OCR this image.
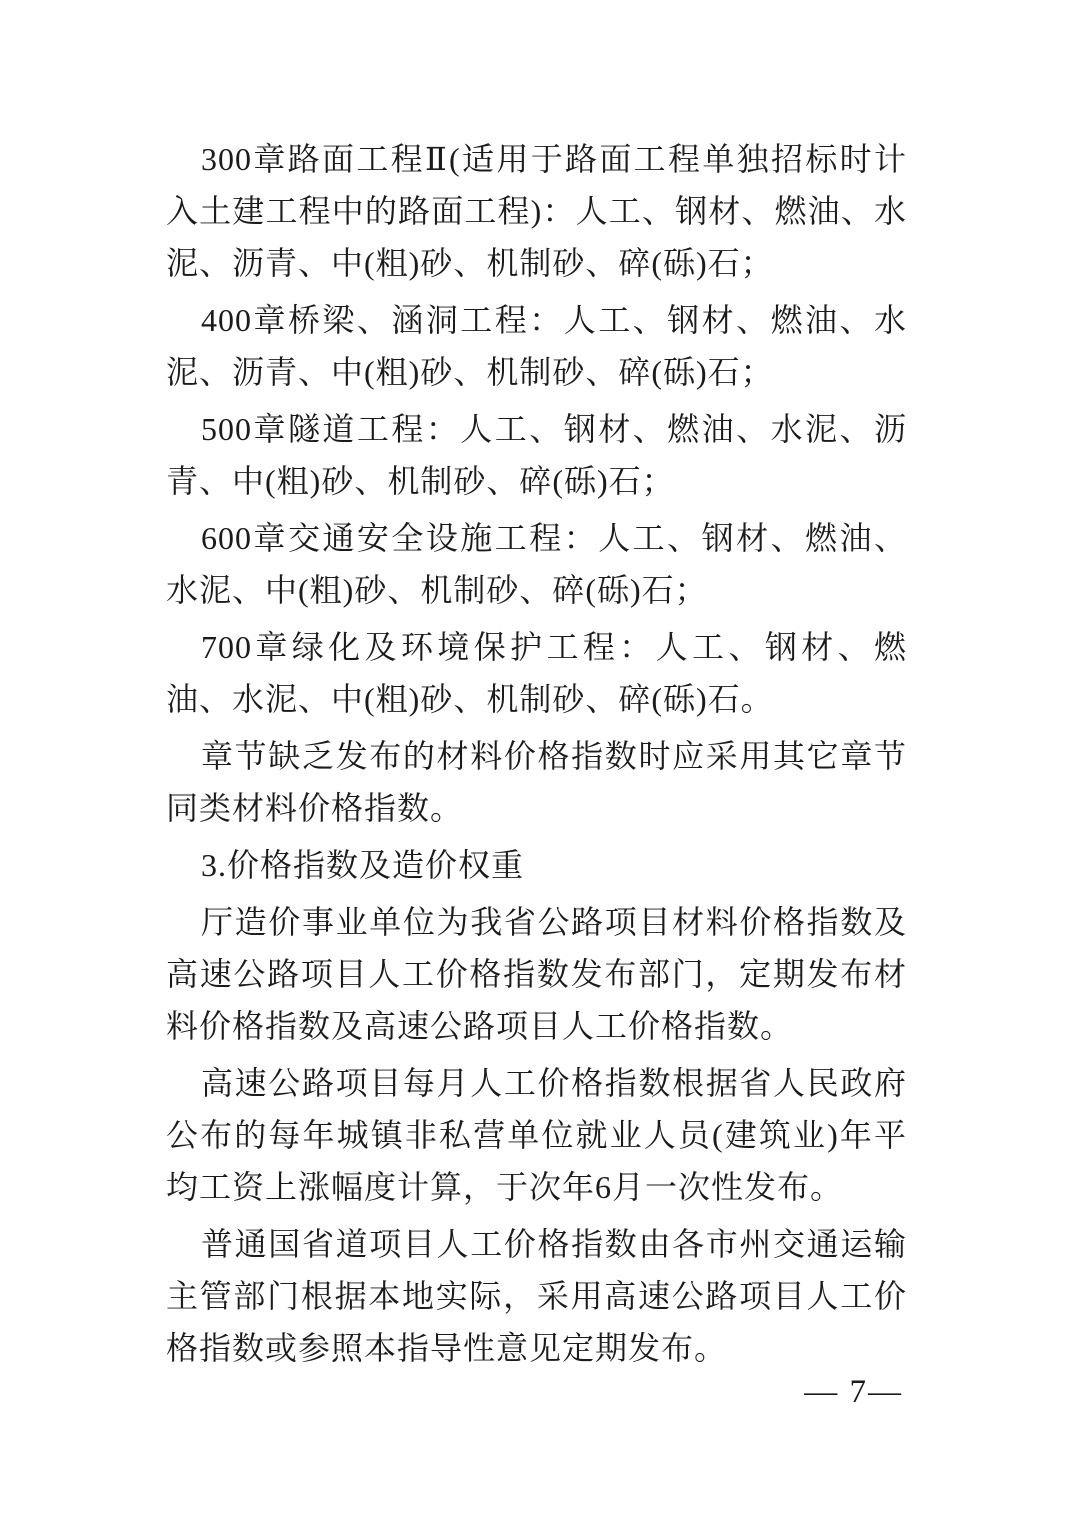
300章路面工程Ⅱ(适用于路面工程单独招标时计入土建工程中的路面工程)：人工、钢材、燃油、水泥、沥青、中(粗)砂、机制砂、碎(砾)石；

400章桥梁、涵洞工程：人工、钢材、燃油、水泥、沥青、中(粗)砂、机制砂、碎(砾)石；

500章隧道工程：人工、钢材、燃油、水泥、沥青、中(粗)砂、机制砂、碎(砾)石；

600章交通安全设施工程：人工、钢材、燃油、水泥、中(粗)砂、机制砂、碎(砾)石；

700章绿化及环境保护工程：人工、钢材、燃油、水泥、中(粗)砂、机制砂、碎(砾)石。

章节缺乏发布的材料价格指数时应采用其它章节同类材料价格指数。

3.价格指数及造价权重

厅造价事业单位为我省公路项目材料价格指数及高速公路项目人工价格指数发布部门，定期发布材料价格指数及高速公路项目人工价格指数。

高速公路项目每月人工价格指数根据省人民政府公布的每年城镇非私营单位就业人员(建筑业)年平均工资上涨幅度计算，于次年6月一次性发布。

普通国省道项目人工价格指数由各市州交通运输主管部门根据本地实际，采用高速公路项目人工价格指数或参照本指导性意见定期发布。

— 7—
